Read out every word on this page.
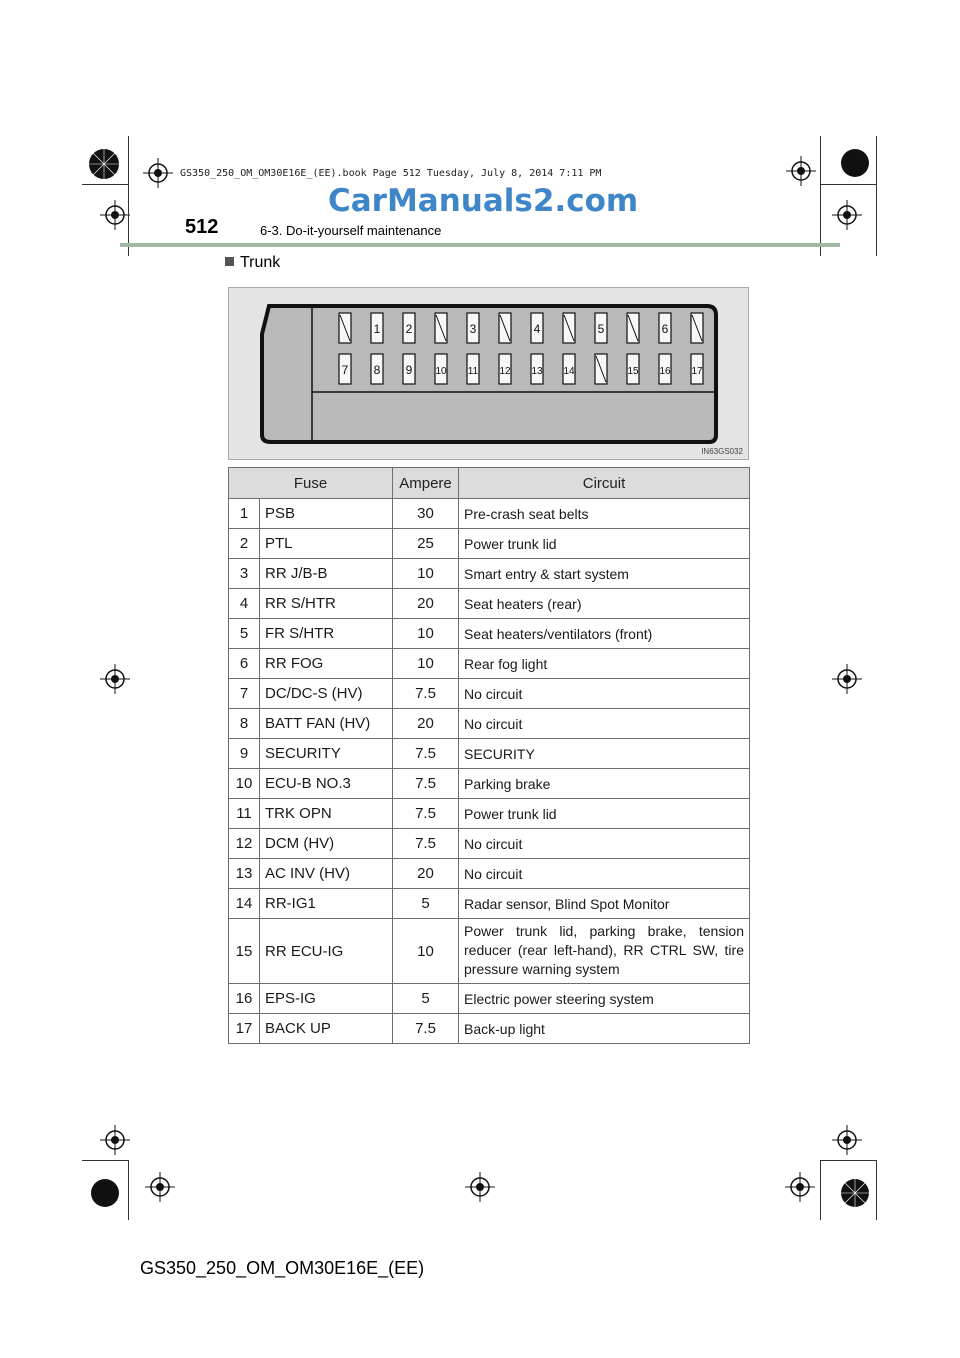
GS350_250_OM_OM30E16E_(EE).book Page 512 Tuesday, July 8, 2014 7:11 PM
CarManuals2.com
512	6-3. Do-it-yourself maintenance
Trunk
7
1
8
2
9 10
3
11 12
4
13 14
5
15
6
16 17
IN63GS032
Fuse		Ampere	Circuit
1	PSB	30	Pre-crash seat belts
2	PTL	25	Power trunk lid
3	RR J/B-B	10	Smart entry & start system
4	RR S/HTR	20	Seat heaters (rear)
5	FR S/HTR	10	Seat heaters/ventilators (front)
6	RR FOG	10	Rear fog light
7	DC/DC-S (HV)	7.5	No circuit
8	BATT FAN (HV)	20	No circuit
9	SECURITY	7.5	SECURITY
10	ECU-B NO.3	7.5	Parking brake
11	TRK OPN	7.5	Power trunk lid
12	DCM (HV)	7.5	No circuit
13	AC INV (HV)	20	No circuit
14	RR-IG1	5	Radar sensor, Blind Spot Monitor
15	RR ECU-IG	10	Power trunk lid, parking brake, tension reducer (rear left-hand), RR CTRL SW, tire pressure warning system
16	EPS-IG	5	Electric power steering system
17	BACK UP	7.5	Back-up light
GS350_250_OM_OM30E16E_(EE)
